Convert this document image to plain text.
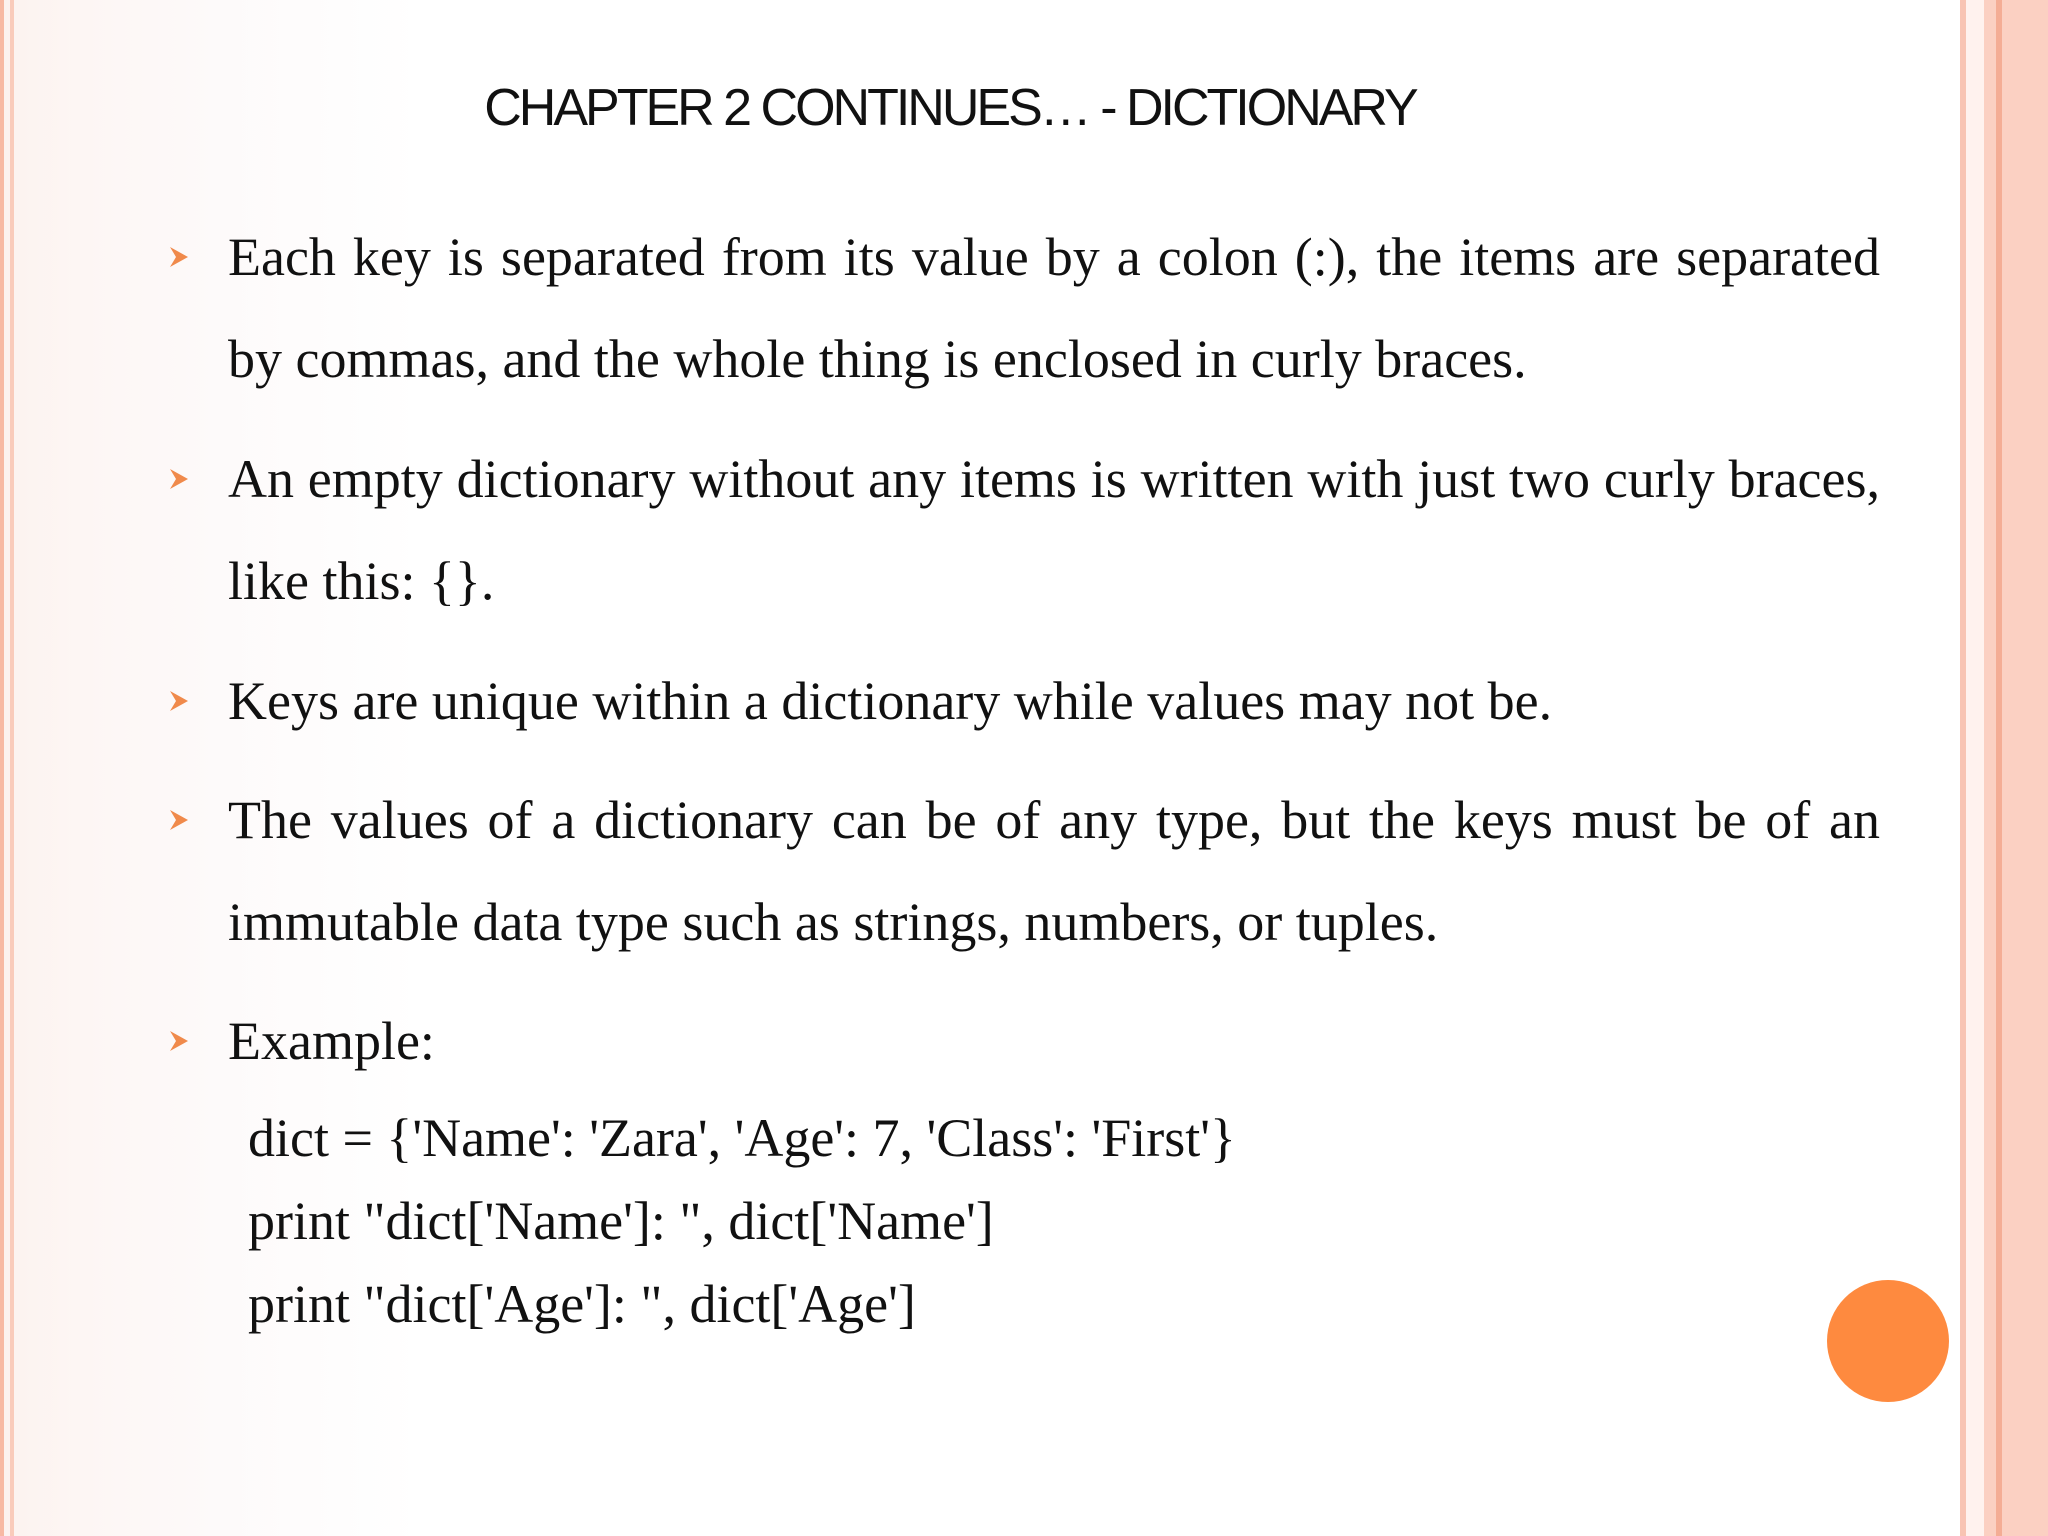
CHAPTER 2 CONTINUES… - DICTIONARY
Each key is separated from its value by a colon (:), the items are separated by commas, and the whole thing is enclosed in curly braces.
An empty dictionary without any items is written with just two curly braces, like this: {}.
Keys are unique within a dictionary while values may not be.
The values of a dictionary can be of any type, but the keys must be of an immutable data type such as strings, numbers, or tuples.
Example:
dict = {'Name': 'Zara', 'Age': 7, 'Class': 'First'}
print "dict['Name']: ", dict['Name']
print "dict['Age']: ", dict['Age']
